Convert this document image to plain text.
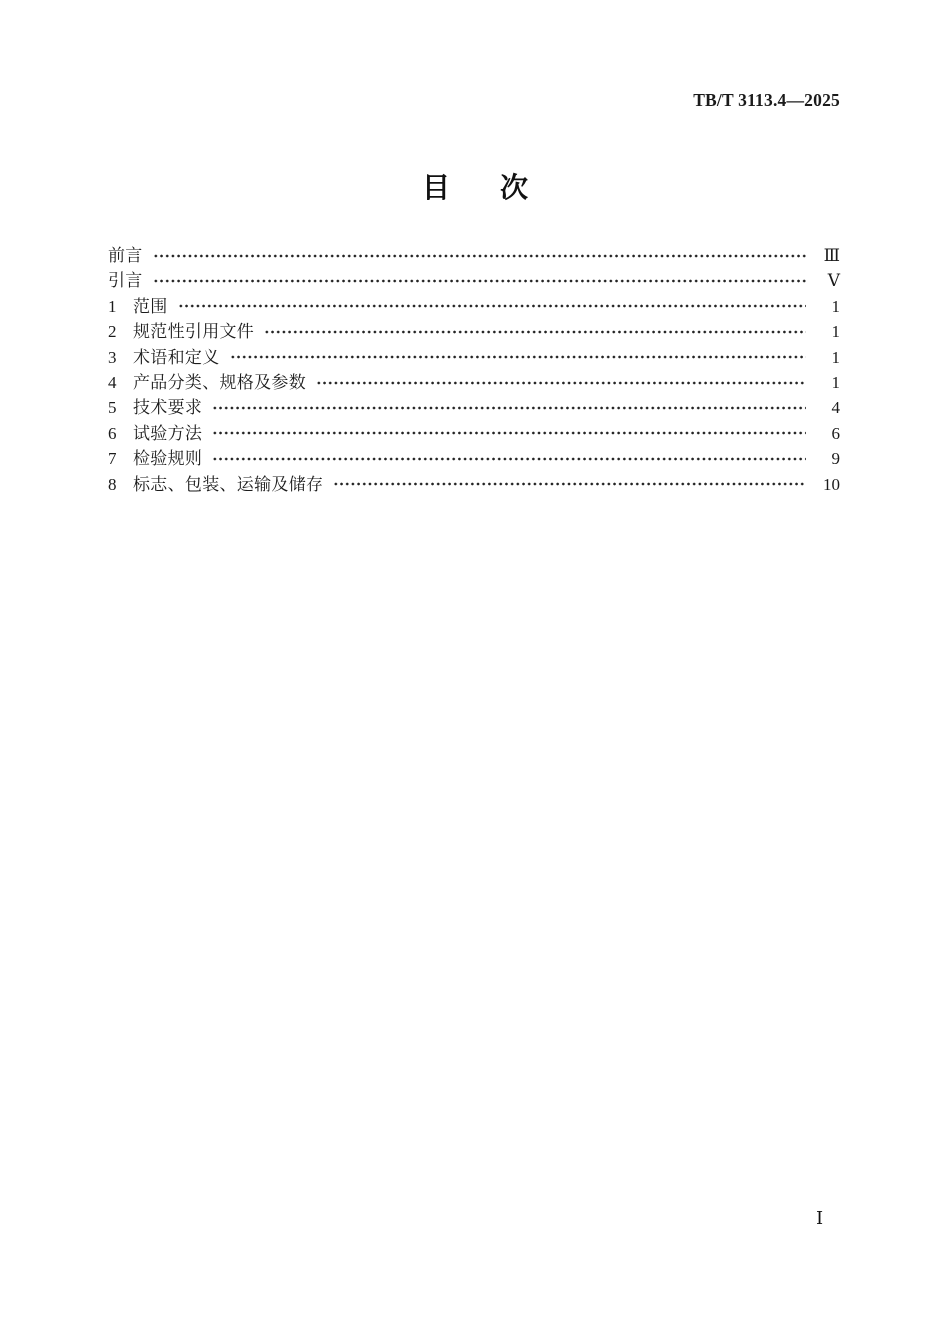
TB/T 3113.4—2025
目 次
前言	Ⅲ
引言	Ⅴ
1 范围	1
2 规范性引用文件	1
3 术语和定义	1
4 产品分类、规格及参数	1
5 技术要求	4
6 试验方法	6
7 检验规则	9
8 标志、包装、运输及储存	10
Ⅰ
